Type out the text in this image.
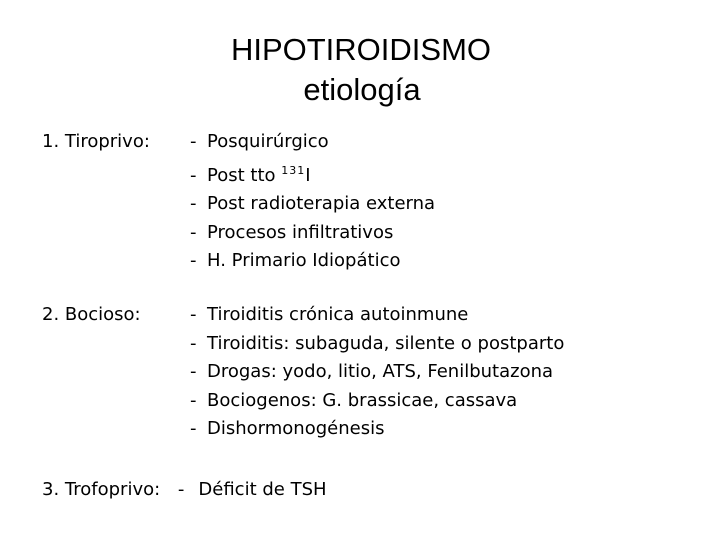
HIPOTIROIDISMO
etiología
1. Tiroprivo: - Posquirúrgico
- Post tto $^{131}$I
- Post radioterapia externa
- Procesos infiltrativos
- H. Primario Idiopático
2. Bocioso:	- Tiroiditis crónica autoinmune
- Tiroiditis: subaguda, silente o postparto
- Drogas: yodo, litio, ATS, Fenilbutazona
- Bociogenos: G. brassicae, cassava
- Dishormonogénesis
3. Trofoprivo: - Déficit de TSH
